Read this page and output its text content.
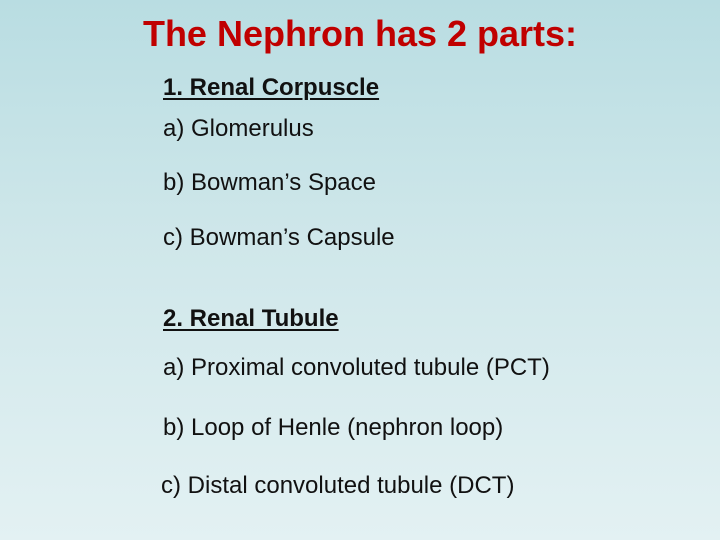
The Nephron has 2 parts:

1. Renal Corpuscle

a) Glomerulus

b) Bowman’s Space

c) Bowman’s Capsule

2. Renal Tubule

a) Proximal convoluted tubule (PCT)

b) Loop of Henle (nephron loop)

c) Distal convoluted tubule (DCT)
